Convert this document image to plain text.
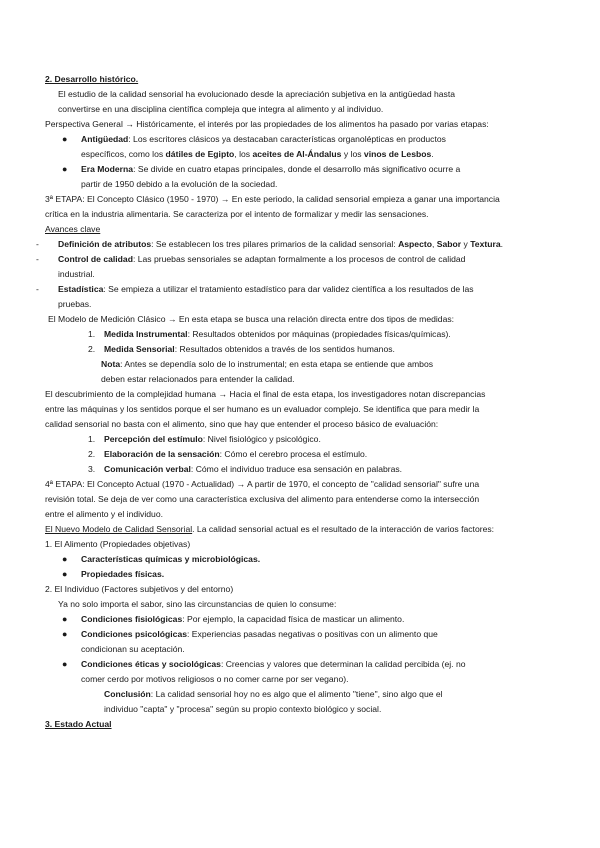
2. Desarrollo histórico.
El estudio de la calidad sensorial ha evolucionado desde la apreciación subjetiva en la antigüedad hasta
convertirse en una disciplina científica compleja que integra al alimento y al individuo.
Perspectiva General → Históricamente, el interés por las propiedades de los alimentos ha pasado por varias etapas:
● Antigüedad: Los escritores clásicos ya destacaban características organolépticas en productos
específicos, como los dátiles de Egipto, los aceites de Al-Ándalus y los vinos de Lesbos.
● Era Moderna: Se divide en cuatro etapas principales, donde el desarrollo más significativo ocurre a
partir de 1950 debido a la evolución de la sociedad.
3ª ETAPA: El Concepto Clásico (1950 - 1970) → En este periodo, la calidad sensorial empieza a ganar una importancia
crítica en la industria alimentaria. Se caracteriza por el intento de formalizar y medir las sensaciones.
Avances clave
- Definición de atributos: Se establecen los tres pilares primarios de la calidad sensorial: Aspecto, Sabor y Textura.
- Control de calidad: Las pruebas sensoriales se adaptan formalmente a los procesos de control de calidad
industrial.
- Estadística: Se empieza a utilizar el tratamiento estadístico para dar validez científica a los resultados de las
pruebas.
El Modelo de Medición Clásico → En esta etapa se busca una relación directa entre dos tipos de medidas:
1. Medida Instrumental: Resultados obtenidos por máquinas (propiedades físicas/químicas).
2. Medida Sensorial: Resultados obtenidos a través de los sentidos humanos.
Nota: Antes se dependía solo de lo instrumental; en esta etapa se entiende que ambos
deben estar relacionados para entender la calidad.
El descubrimiento de la complejidad humana → Hacia el final de esta etapa, los investigadores notan discrepancias
entre las máquinas y los sentidos porque el ser humano es un evaluador complejo. Se identifica que para medir la
calidad sensorial no basta con el alimento, sino que hay que entender el proceso básico de evaluación:
1. Percepción del estímulo: Nivel fisiológico y psicológico.
2. Elaboración de la sensación: Cómo el cerebro procesa el estímulo.
3. Comunicación verbal: Cómo el individuo traduce esa sensación en palabras.
4ª ETAPA: El Concepto Actual (1970 - Actualidad) → A partir de 1970, el concepto de "calidad sensorial" sufre una
revisión total. Se deja de ver como una característica exclusiva del alimento para entenderse como la intersección
entre el alimento y el individuo.
El Nuevo Modelo de Calidad Sensorial. La calidad sensorial actual es el resultado de la interacción de varios factores:
1. El Alimento (Propiedades objetivas)
● Características químicas y microbiológicas.
● Propiedades físicas.
2. El Individuo (Factores subjetivos y del entorno)
Ya no solo importa el sabor, sino las circunstancias de quien lo consume:
● Condiciones fisiológicas: Por ejemplo, la capacidad física de masticar un alimento.
● Condiciones psicológicas: Experiencias pasadas negativas o positivas con un alimento que
condicionan su aceptación.
● Condiciones éticas y sociológicas: Creencias y valores que determinan la calidad percibida (ej. no
comer cerdo por motivos religiosos o no comer carne por ser vegano).
Conclusión: La calidad sensorial hoy no es algo que el alimento "tiene", sino algo que el
individuo "capta" y "procesa" según su propio contexto biológico y social.
3. Estado Actual
